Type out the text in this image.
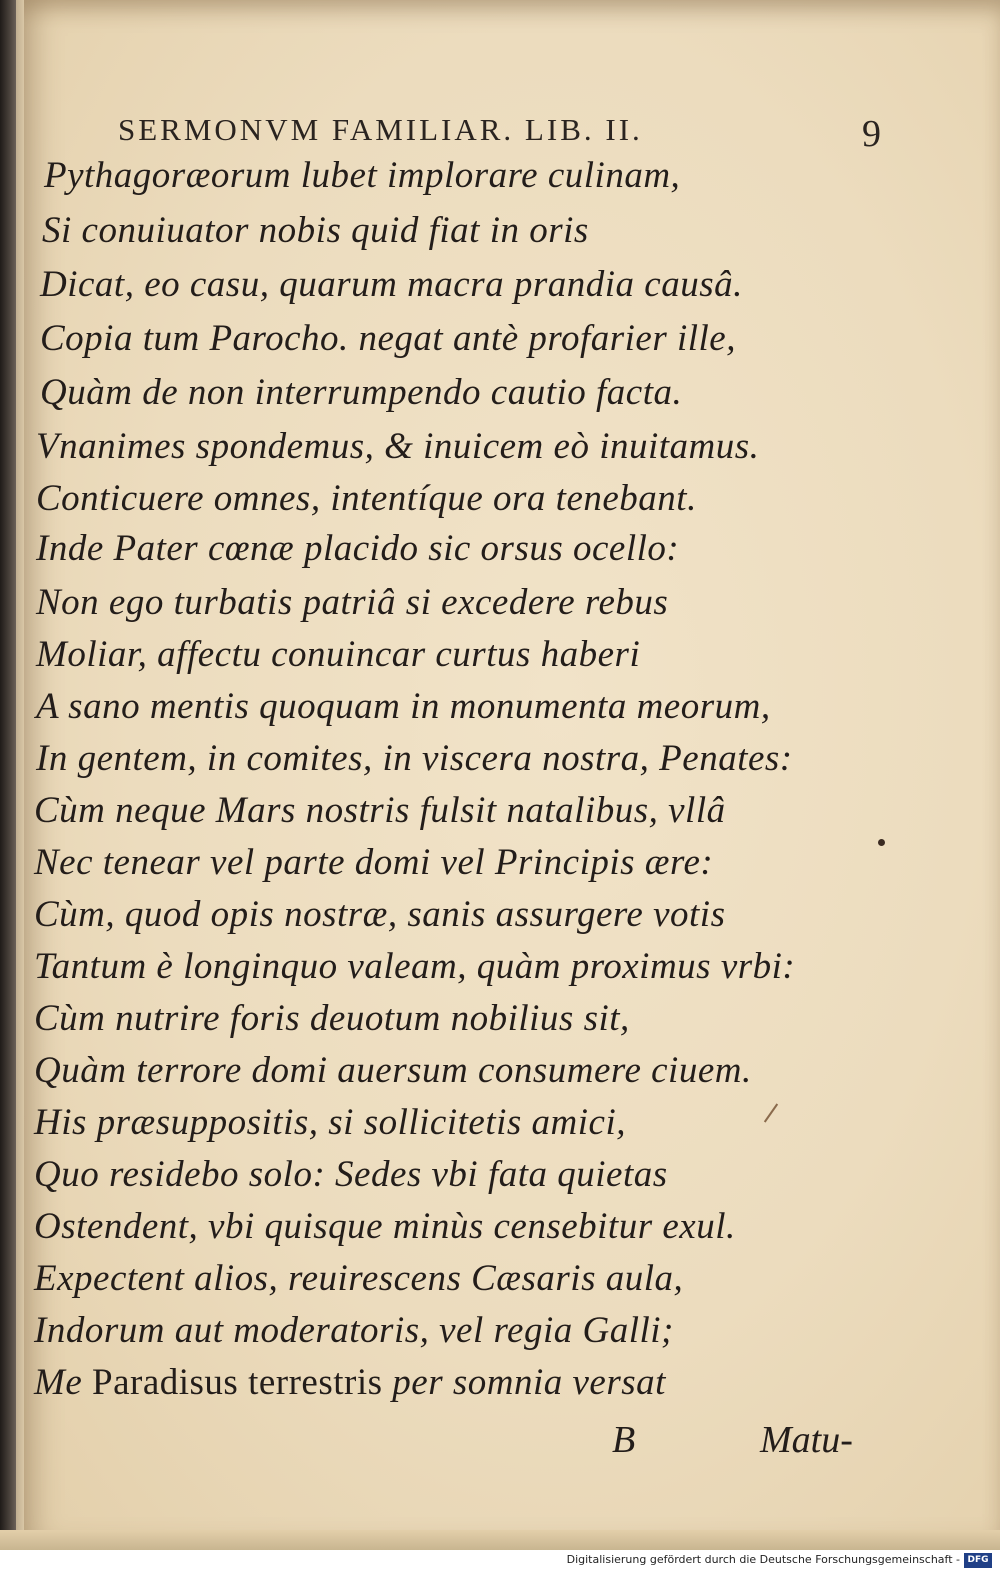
SERMONVM FAMILIAR. LIB. II.	9
Pythagoræorum lubet implorare culinam,
Si conuiuator nobis quid fiat in oris
Dicat, eo casu, quarum macra prandia causâ.
Copia tum Parocho. negat antè profarier ille,
Quàm de non interrumpendo cautio facta.
Vnanimes spondemus, & inuicem eò inuitamus.
Conticuere omnes, intentíque ora tenebant.
Inde Pater cœnæ placido sic orsus ocello:
Non ego turbatis patriâ si excedere rebus
Moliar, affectu conuincar curtus haberi
A sano mentis quoquam in monumenta meorum,
In gentem, in comites, in viscera nostra, Penates:
Cùm neque Mars nostris fulsit natalibus, vllâ
Nec tenear vel parte domi vel Principis ære:
Cùm, quod opis nostræ, sanis assurgere votis
Tantum è longinquo valeam, quàm proximus vrbi:
Cùm nutrire foris deuotum nobilius sit,
Quàm terrore domi auersum consumere ciuem.
His præsuppositis, si sollicitetis amici,
Quo residebo solo: Sedes vbi fata quietas
Ostendent, vbi quisque minùs censebitur exul.
Expectent alios, reuirescens Cæsaris aula,
Indorum aut moderatoris, vel regia Galli;
Me Paradisus terrestris per somnia versat
B	Matu-
Digitalisierung gefördert durch die Deutsche Forschungsgemeinschaft - DFG
